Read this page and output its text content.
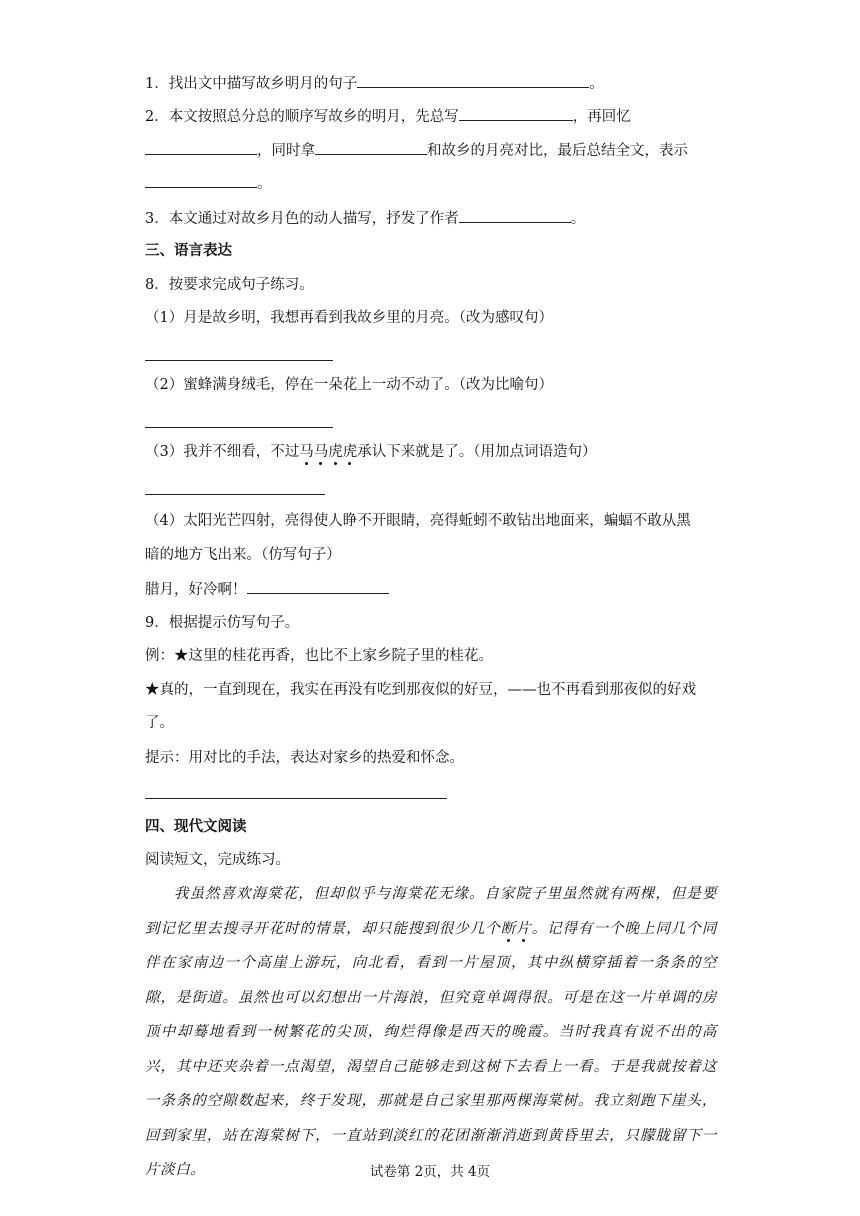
1．找出文中描写故乡明月的句子	。
2．本文按照总分总的顺序写故乡的明月，先总写	，再回忆
，同时拿	和故乡的月亮对比，最后总结全文，表示
。
3．本文通过对故乡月色的动人描写，抒发了作者	。
三、语言表达
8．按要求完成句子练习。
（1）月是故乡明，我想再看到我故乡里的月亮。（改为感叹句）
（2）蜜蜂满身绒毛，停在一朵花上一动不动了。（改为比喻句）
（3）我并不细看，不过马马虎虎承认下来就是了。（用加点词语造句）
（4）太阳光芒四射，亮得使人睁不开眼睛，亮得蚯蚓不敢钻出地面来，蝙蝠不敢从黑
暗的地方飞出来。（仿写句子）
腊月，好冷啊！
9．根据提示仿写句子。
例：★这里的桂花再香，也比不上家乡院子里的桂花。
★真的，一直到现在，我实在再没有吃到那夜似的好豆，——也不再看到那夜似的好戏
了。
提示：用对比的手法，表达对家乡的热爱和怀念。
四、现代文阅读
阅读短文，完成练习。
我虽然喜欢海棠花，但却似乎与海棠花无缘。自家院子里虽然就有两棵，但是要到记忆里去搜寻开花时的情景，却只能搜到很少几个断片。记得有一个晚上同几个同伴在家南边一个高崖上游玩，向北看，看到一片屋顶，其中纵横穿插着一条条的空隙，是街道。虽然也可以幻想出一片海浪，但究竟单调得很。可是在这一片单调的房顶中却蓦地看到一树繁花的尖顶，绚烂得像是西天的晚霞。当时我真有说不出的高兴，其中还夹杂着一点渴望，渴望自己能够走到这树下去看上一看。于是我就按着这一条条的空隙数起来，终于发现，那就是自己家里那两棵海棠树。我立刻跑下崖头，回到家里，站在海棠树下，一直站到淡红的花团渐渐消逝到黄昏里去，只朦胧留下一片淡白。	试卷第 2页，共 4页
